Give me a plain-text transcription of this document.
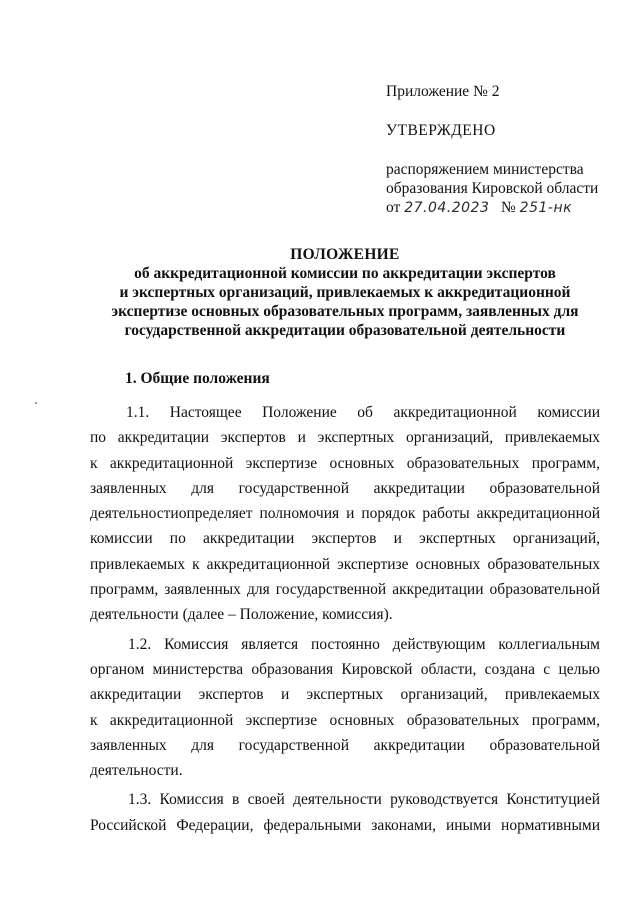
Приложение № 2

УТВЕРЖДЕНО

распоряжением министерства

образования Кировской области

от 27.04.2023 № 251-нк

ПОЛОЖЕНИЕ

об аккредитационной комиссии по аккредитации экспертов

и экспертных организаций, привлекаемых к аккредитационной

экспертизе основных образовательных программ, заявленных для

государственной аккредитации образовательной деятельности

1. Общие положения

1.1. Настоящее Положение об аккредитационной комиссии

по аккредитации экспертов и экспертных организаций, привлекаемых

к аккредитационной экспертизе основных образовательных программ,

заявленных для государственной аккредитации образовательной

деятельностиопределяет полномочия и порядок работы аккредитационной

комиссии по аккредитации экспертов и экспертных организаций,

привлекаемых к аккредитационной экспертизе основных образовательных

программ, заявленных для государственной аккредитации образовательной

деятельности (далее – Положение, комиссия).

1.2. Комиссия является постоянно действующим коллегиальным

органом министерства образования Кировской области, создана с целью

аккредитации экспертов и экспертных организаций, привлекаемых

к аккредитационной экспертизе основных образовательных программ,

заявленных для государственной аккредитации образовательной

деятельности.

1.3. Комиссия в своей деятельности руководствуется Конституцией

Российской Федерации, федеральными законами, иными нормативными
